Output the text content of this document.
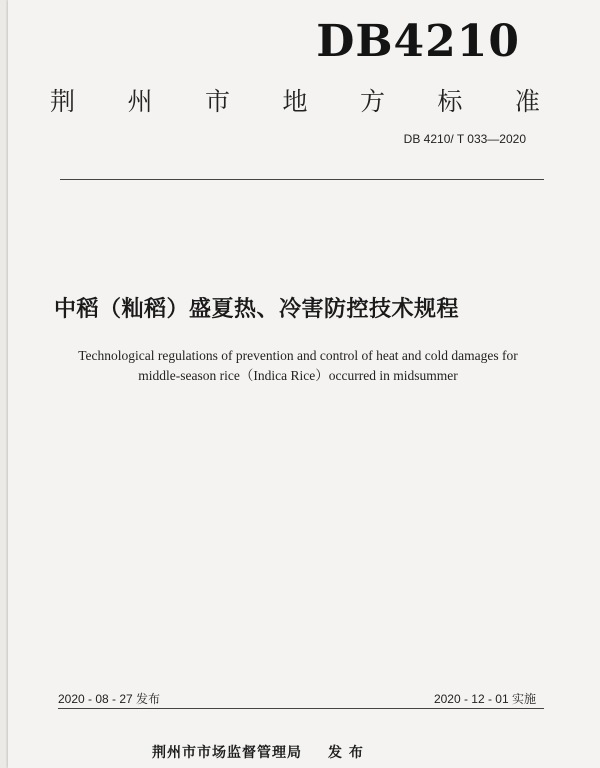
DB4210
荆 州 市 地 方 标 准
DB 4210/ T 033—2020
中稻（籼稻）盛夏热、冷害防控技术规程
Technological regulations of prevention and control of heat and cold damages for
middle-season rice（Indica Rice）occurred in midsummer
2020 - 08 - 27 发布	2020 - 12 - 01 实施
荆州市市场监督管理局 发 布
